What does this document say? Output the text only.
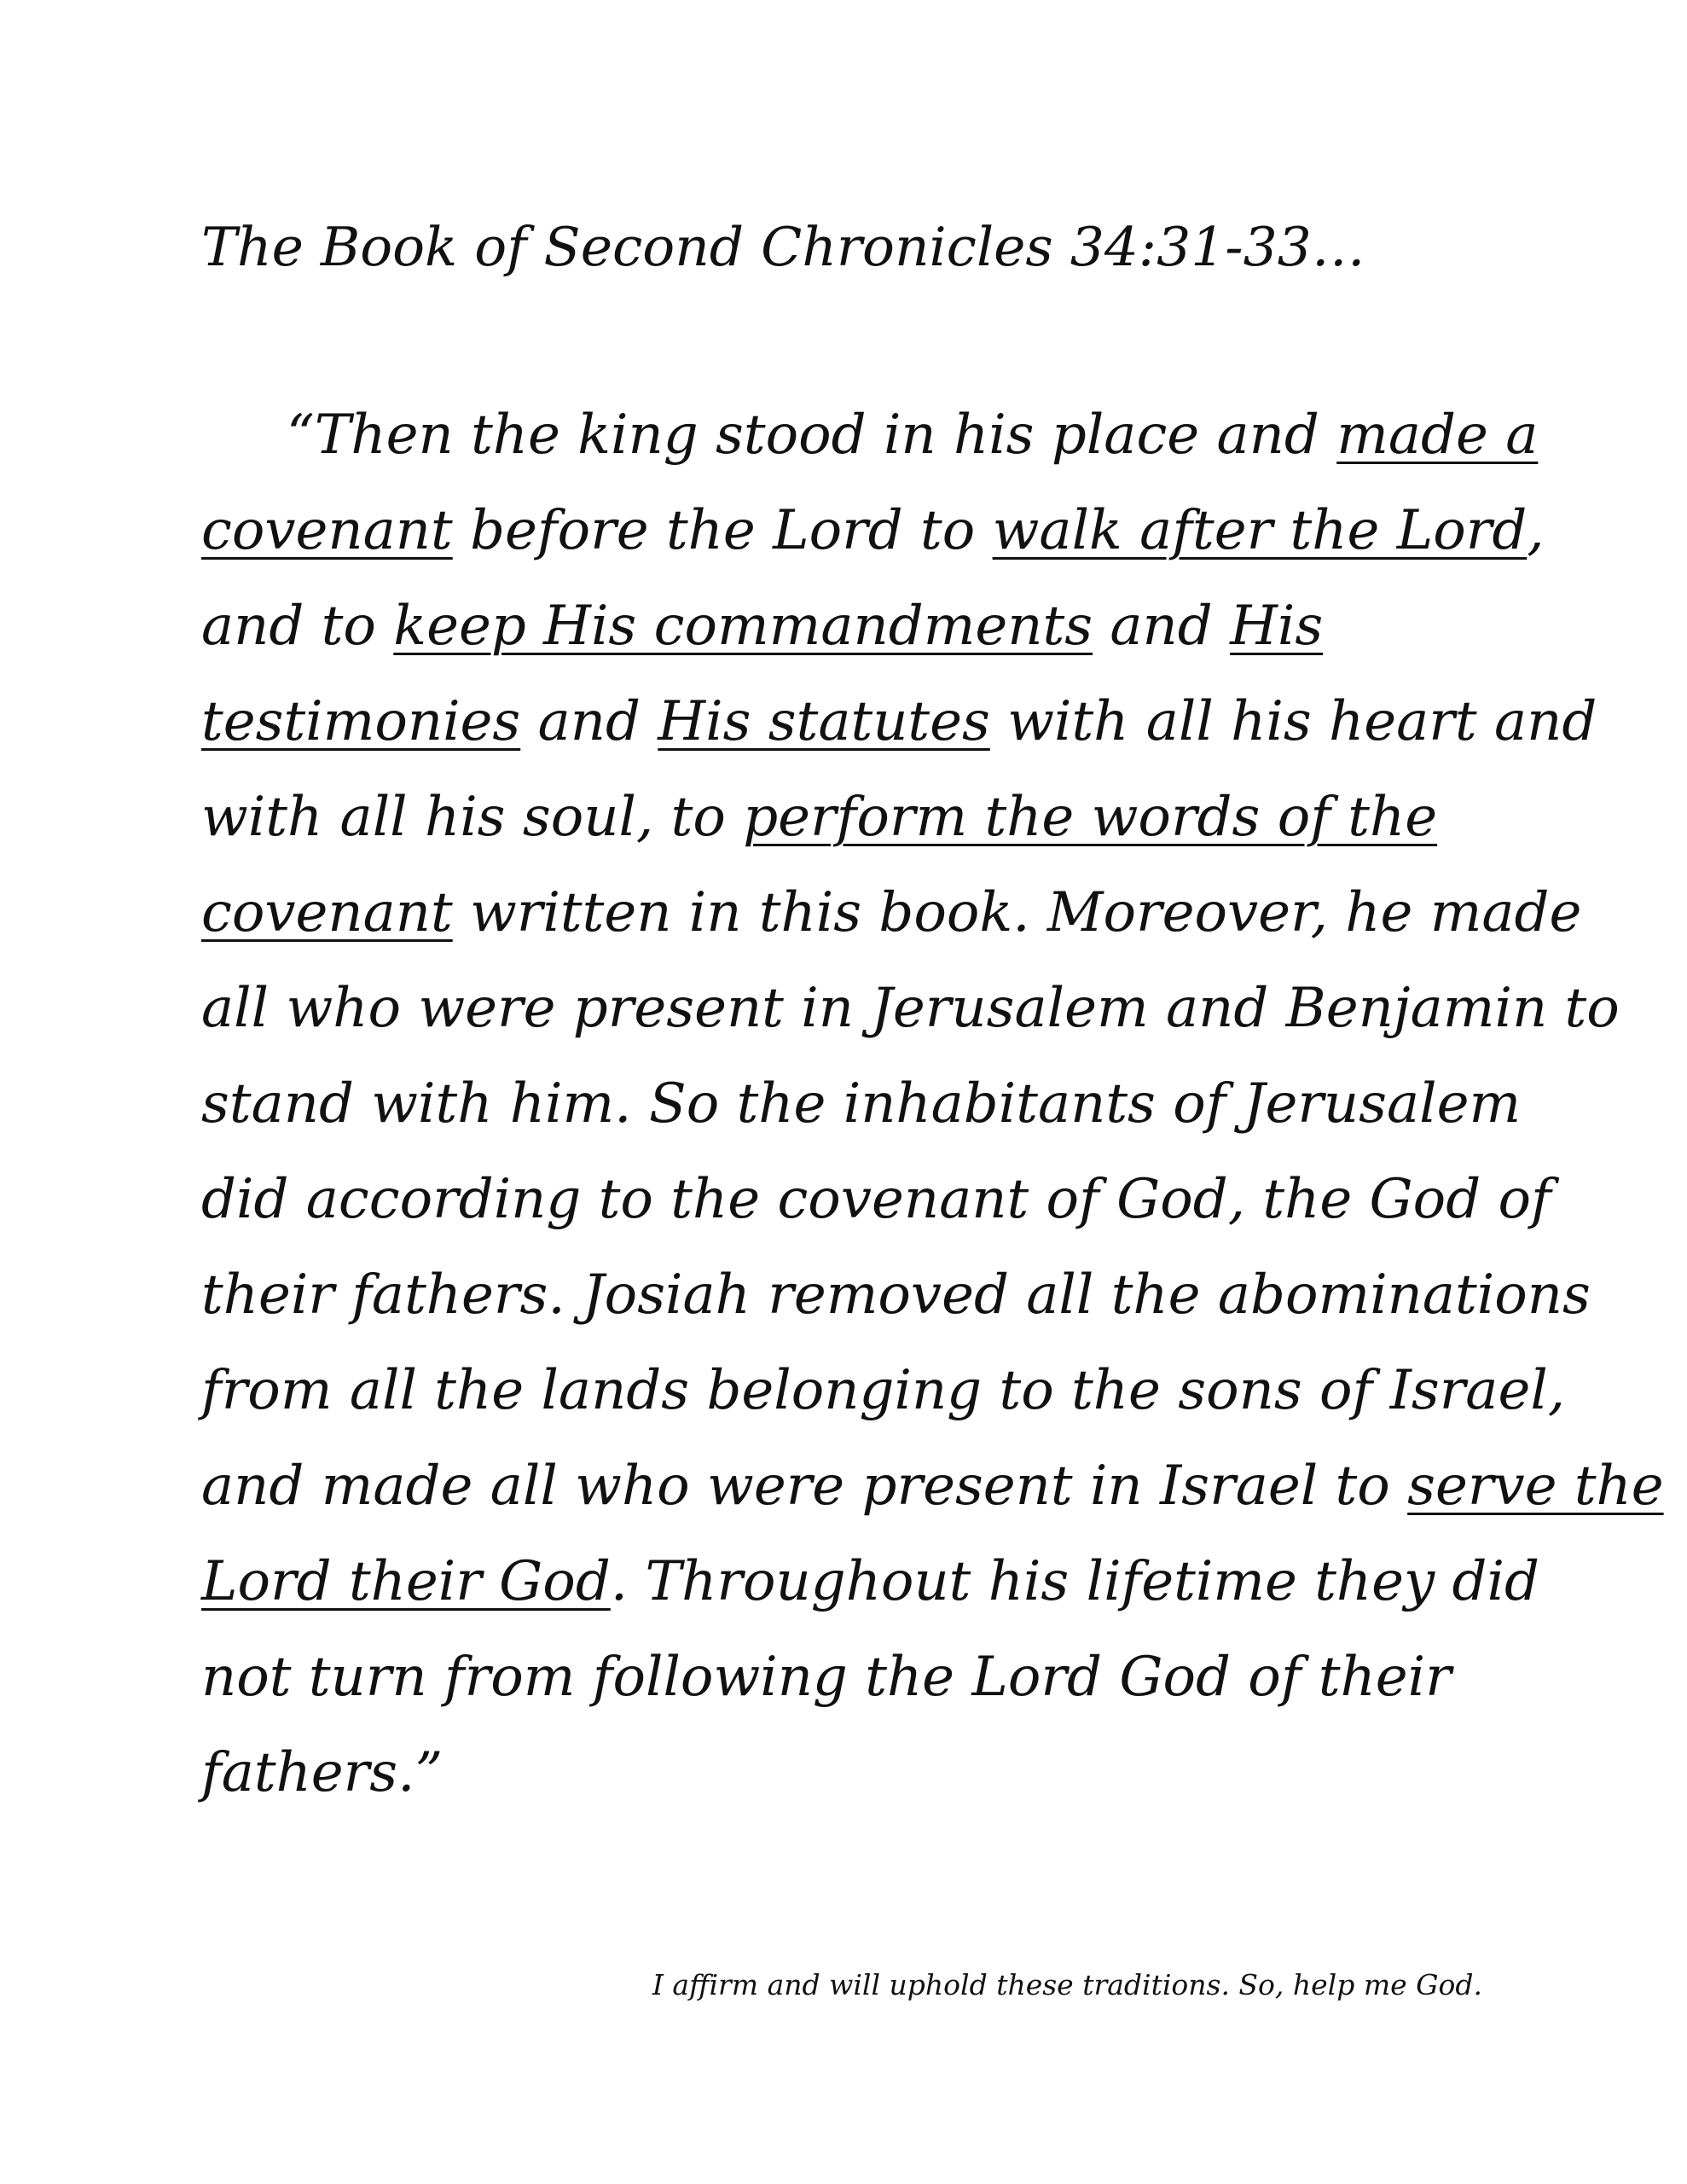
The Book of Second Chronicles 34:31-33…
“Then the king stood in his place and made a
covenant before the Lord to walk after the Lord,
and to keep His commandments and His
testimonies and His statutes with all his heart and
with all his soul, to perform the words of the
covenant written in this book. Moreover, he made
all who were present in Jerusalem and Benjamin to
stand with him. So the inhabitants of Jerusalem
did according to the covenant of God, the God of
their fathers. Josiah removed all the abominations
from all the lands belonging to the sons of Israel,
and made all who were present in Israel to serve the
Lord their God. Throughout his lifetime they did
not turn from following the Lord God of their
fathers.”
I affirm and will uphold these traditions. So, help me God.
